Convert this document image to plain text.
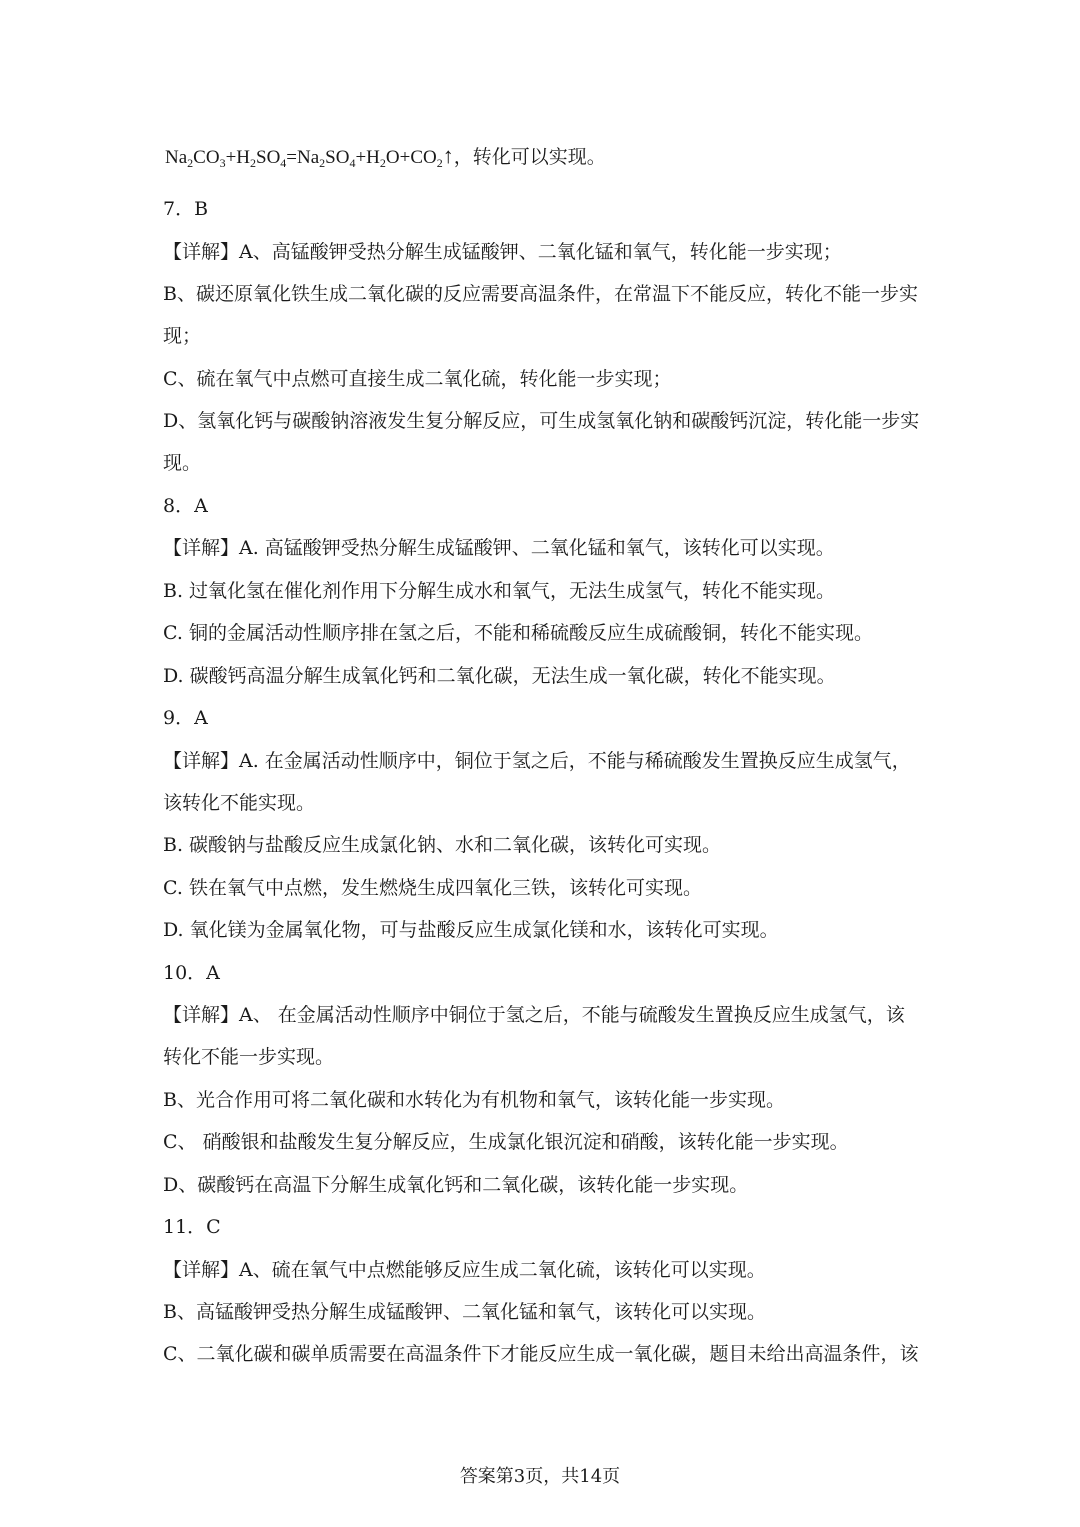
$Na_2CO_3+H_2SO_4=Na_2SO_4+H_2O+CO_2↑$，转化可以实现。
7．B
【详解】A、高锰酸钾受热分解生成锰酸钾、二氧化锰和氧气，转化能一步实现；
B、碳还原氧化铁生成二氧化碳的反应需要高温条件，在常温下不能反应，转化不能一步实
现；
C、硫在氧气中点燃可直接生成二氧化硫，转化能一步实现；
D、氢氧化钙与碳酸钠溶液发生复分解反应，可生成氢氧化钠和碳酸钙沉淀，转化能一步实
现。
8．A
【详解】A. 高锰酸钾受热分解生成锰酸钾、二氧化锰和氧气，该转化可以实现。
B. 过氧化氢在催化剂作用下分解生成水和氧气，无法生成氢气，转化不能实现。
C. 铜的金属活动性顺序排在氢之后，不能和稀硫酸反应生成硫酸铜，转化不能实现。
D. 碳酸钙高温分解生成氧化钙和二氧化碳，无法生成一氧化碳，转化不能实现。
9．A
【详解】A. 在金属活动性顺序中，铜位于氢之后，不能与稀硫酸发生置换反应生成氢气，
该转化不能实现。
B. 碳酸钠与盐酸反应生成氯化钠、水和二氧化碳，该转化可实现。
C. 铁在氧气中点燃，发生燃烧生成四氧化三铁，该转化可实现。
D. 氧化镁为金属氧化物，可与盐酸反应生成氯化镁和水，该转化可实现。
10．A
【详解】A、 在金属活动性顺序中铜位于氢之后，不能与硫酸发生置换反应生成氢气，该
转化不能一步实现。
B、光合作用可将二氧化碳和水转化为有机物和氧气，该转化能一步实现。
C、 硝酸银和盐酸发生复分解反应，生成氯化银沉淀和硝酸，该转化能一步实现。
D、碳酸钙在高温下分解生成氧化钙和二氧化碳，该转化能一步实现。
11．C
【详解】A、硫在氧气中点燃能够反应生成二氧化硫，该转化可以实现。
B、高锰酸钾受热分解生成锰酸钾、二氧化锰和氧气，该转化可以实现。
C、二氧化碳和碳单质需要在高温条件下才能反应生成一氧化碳，题目未给出高温条件，该
答案第3页，共14页
